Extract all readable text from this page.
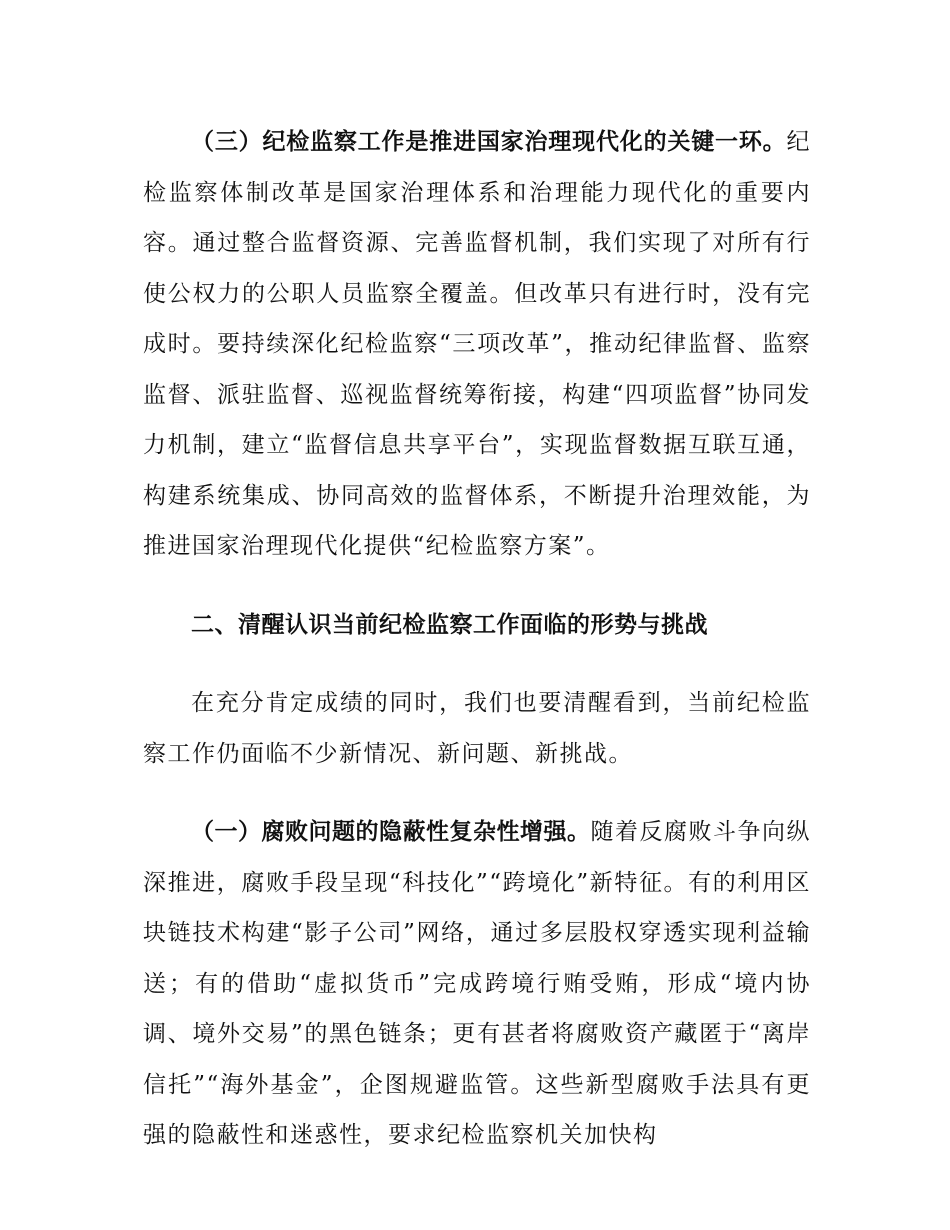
（三）纪检监察工作是推进国家治理现代化的关键一环。纪检监察体制改革是国家治理体系和治理能力现代化的重要内容。通过整合监督资源、完善监督机制，我们实现了对所有行使公权力的公职人员监察全覆盖。但改革只有进行时，没有完成时。要持续深化纪检监察“三项改革”，推动纪律监督、监察监督、派驻监督、巡视监督统筹衔接，构建“四项监督”协同发力机制，建立“监督信息共享平台”，实现监督数据互联互通，构建系统集成、协同高效的监督体系，不断提升治理效能，为推进国家治理现代化提供“纪检监察方案”。

二、清醒认识当前纪检监察工作面临的形势与挑战

在充分肯定成绩的同时，我们也要清醒看到，当前纪检监察工作仍面临不少新情况、新问题、新挑战。

（一）腐败问题的隐蔽性复杂性增强。随着反腐败斗争向纵深推进，腐败手段呈现“科技化”“跨境化”新特征。有的利用区块链技术构建“影子公司”网络，通过多层股权穿透实现利益输送；有的借助“虚拟货币”完成跨境行贿受贿，形成“境内协调、境外交易”的黑色链条；更有甚者将腐败资产藏匿于“离岸信托”“海外基金”，企图规避监管。这些新型腐败手法具有更强的隐蔽性和迷惑性，要求纪检监察机关加快构
